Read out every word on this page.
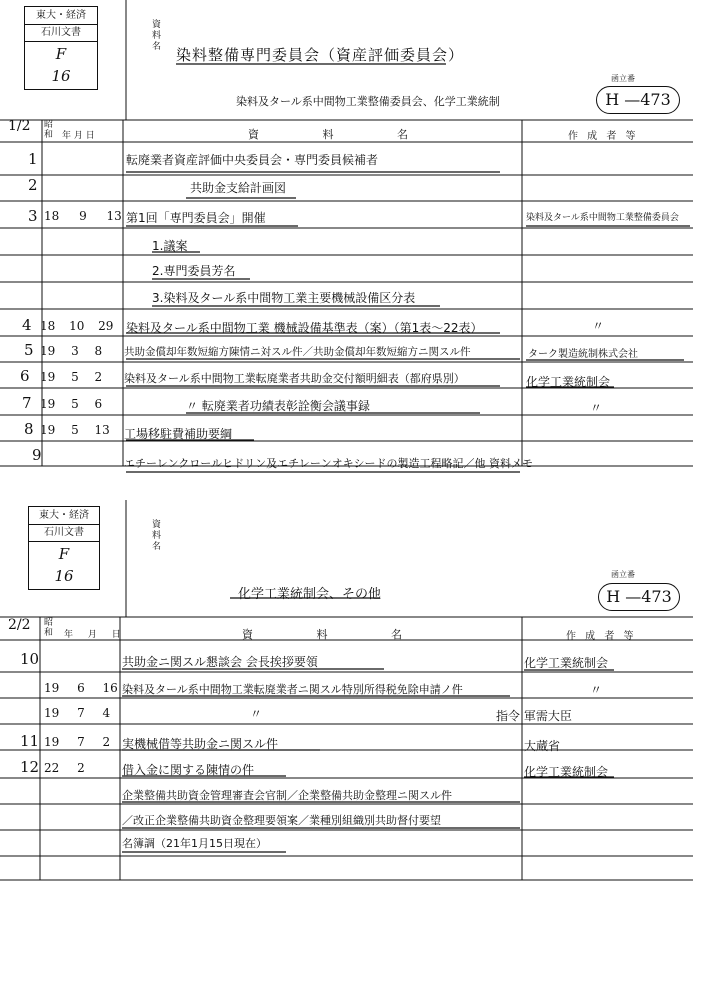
東大・経済
石川文書
F
16
資料名 染料整備専門委員会（資産評価委員会）
染料及タール系中間物工業整備委員会、化学工業統制
函立番
H —473
1/2 昭和 年 月 日	資 料 名	作 成 者 等
1	転廃業者資産評価中央委員会・専門委員候補者
2	共助金支給計画図
3 18 9 13 第1回「専門委員会」開催	染料及タール系中間物工業整備委員会
1.議案
2.専門委員芳名
3.染料及タール系中間物工業主要機械設備区分表
4 18 10 29 染料及タール系中間物工業 機械設備基準表（案）（第1表〜22表）	〃
5 19 3 8 共助金償却年数短縮方陳情ニ対スル件／共助金償却年数短縮方ニ関スル件	ターク製造統制株式会社
6 19 5 2 染料及タール系中間物工業転廃業者共助金交付額明細表（都府県別）	化学工業統制会
7 19 5 6	〃 転廃業者功績表彰詮衡会議事録	〃
8 19 5 13 工場移駐費補助要綱
9	エチーレンクロールヒドリン及エチレーンオキシードの製造工程略記／他 資料メモ
東大・経済
石川文書
F
16
資料名
化学工業統制会、その他
函立番
H —473
2/2 昭和 年 月 日	資 料 名	作 成 者 等
10	共助金ニ関スル懇談会 会長挨拶要領	化学工業統制会
19 6 16 染料及タール系中間物工業転廃業者ニ関スル特別所得税免除申請ノ件	〃
19 7 4	〃	指令 軍需大臣
11 19 7 2 実機械借等共助金ニ関スル件	大蔵省
12 22 2	借入金に関する陳情の件	化学工業統制会
企業整備共助資金管理審査会官制／企業整備共助金整理ニ関スル件
／改正企業整備共助資金整理要領案／業種別組織別共助督付要望
名簿調（21年1月15日現在）
